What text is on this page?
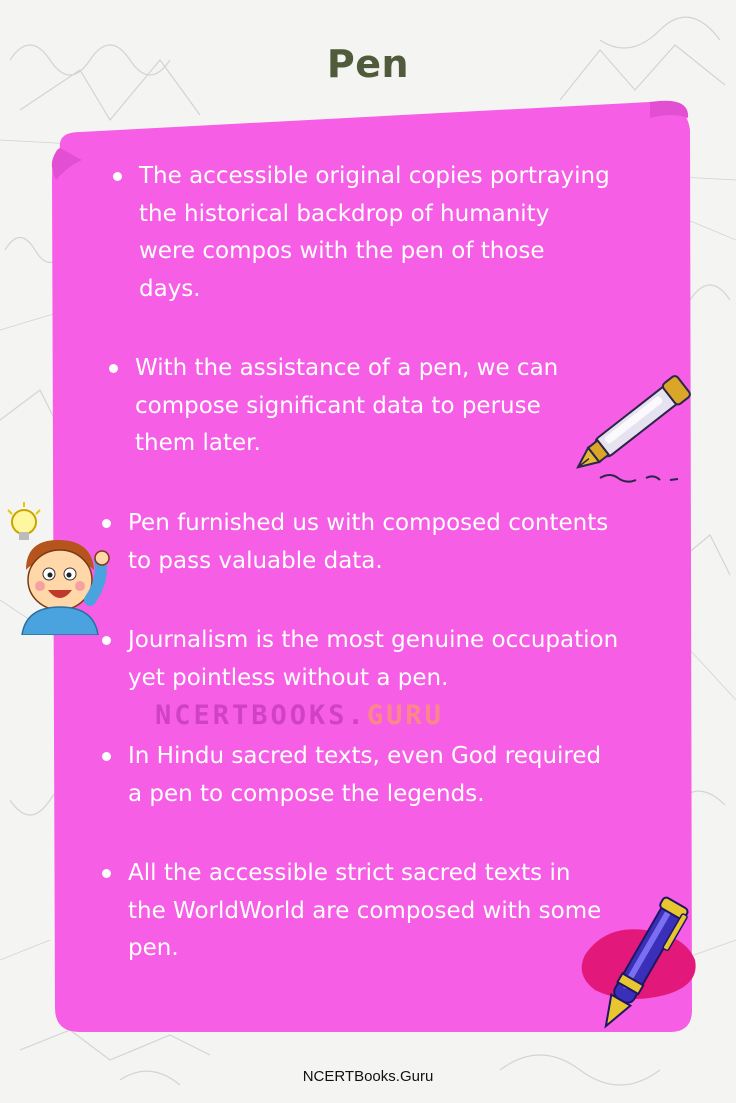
Pen
The accessible original copies portraying
the historical backdrop of humanity
were compos with the pen of those
days.
With the assistance of a pen, we can
compose significant data to peruse
them later.
Pen furnished us with composed contents
to pass valuable data.
Journalism is the most genuine occupation
yet pointless without a pen.
In Hindu sacred texts, even God required
a pen to compose the legends.
All the accessible strict sacred texts in
the WorldWorld are composed with some
pen.
NCERTBOOKS.GURU
NCERTBooks.Guru
